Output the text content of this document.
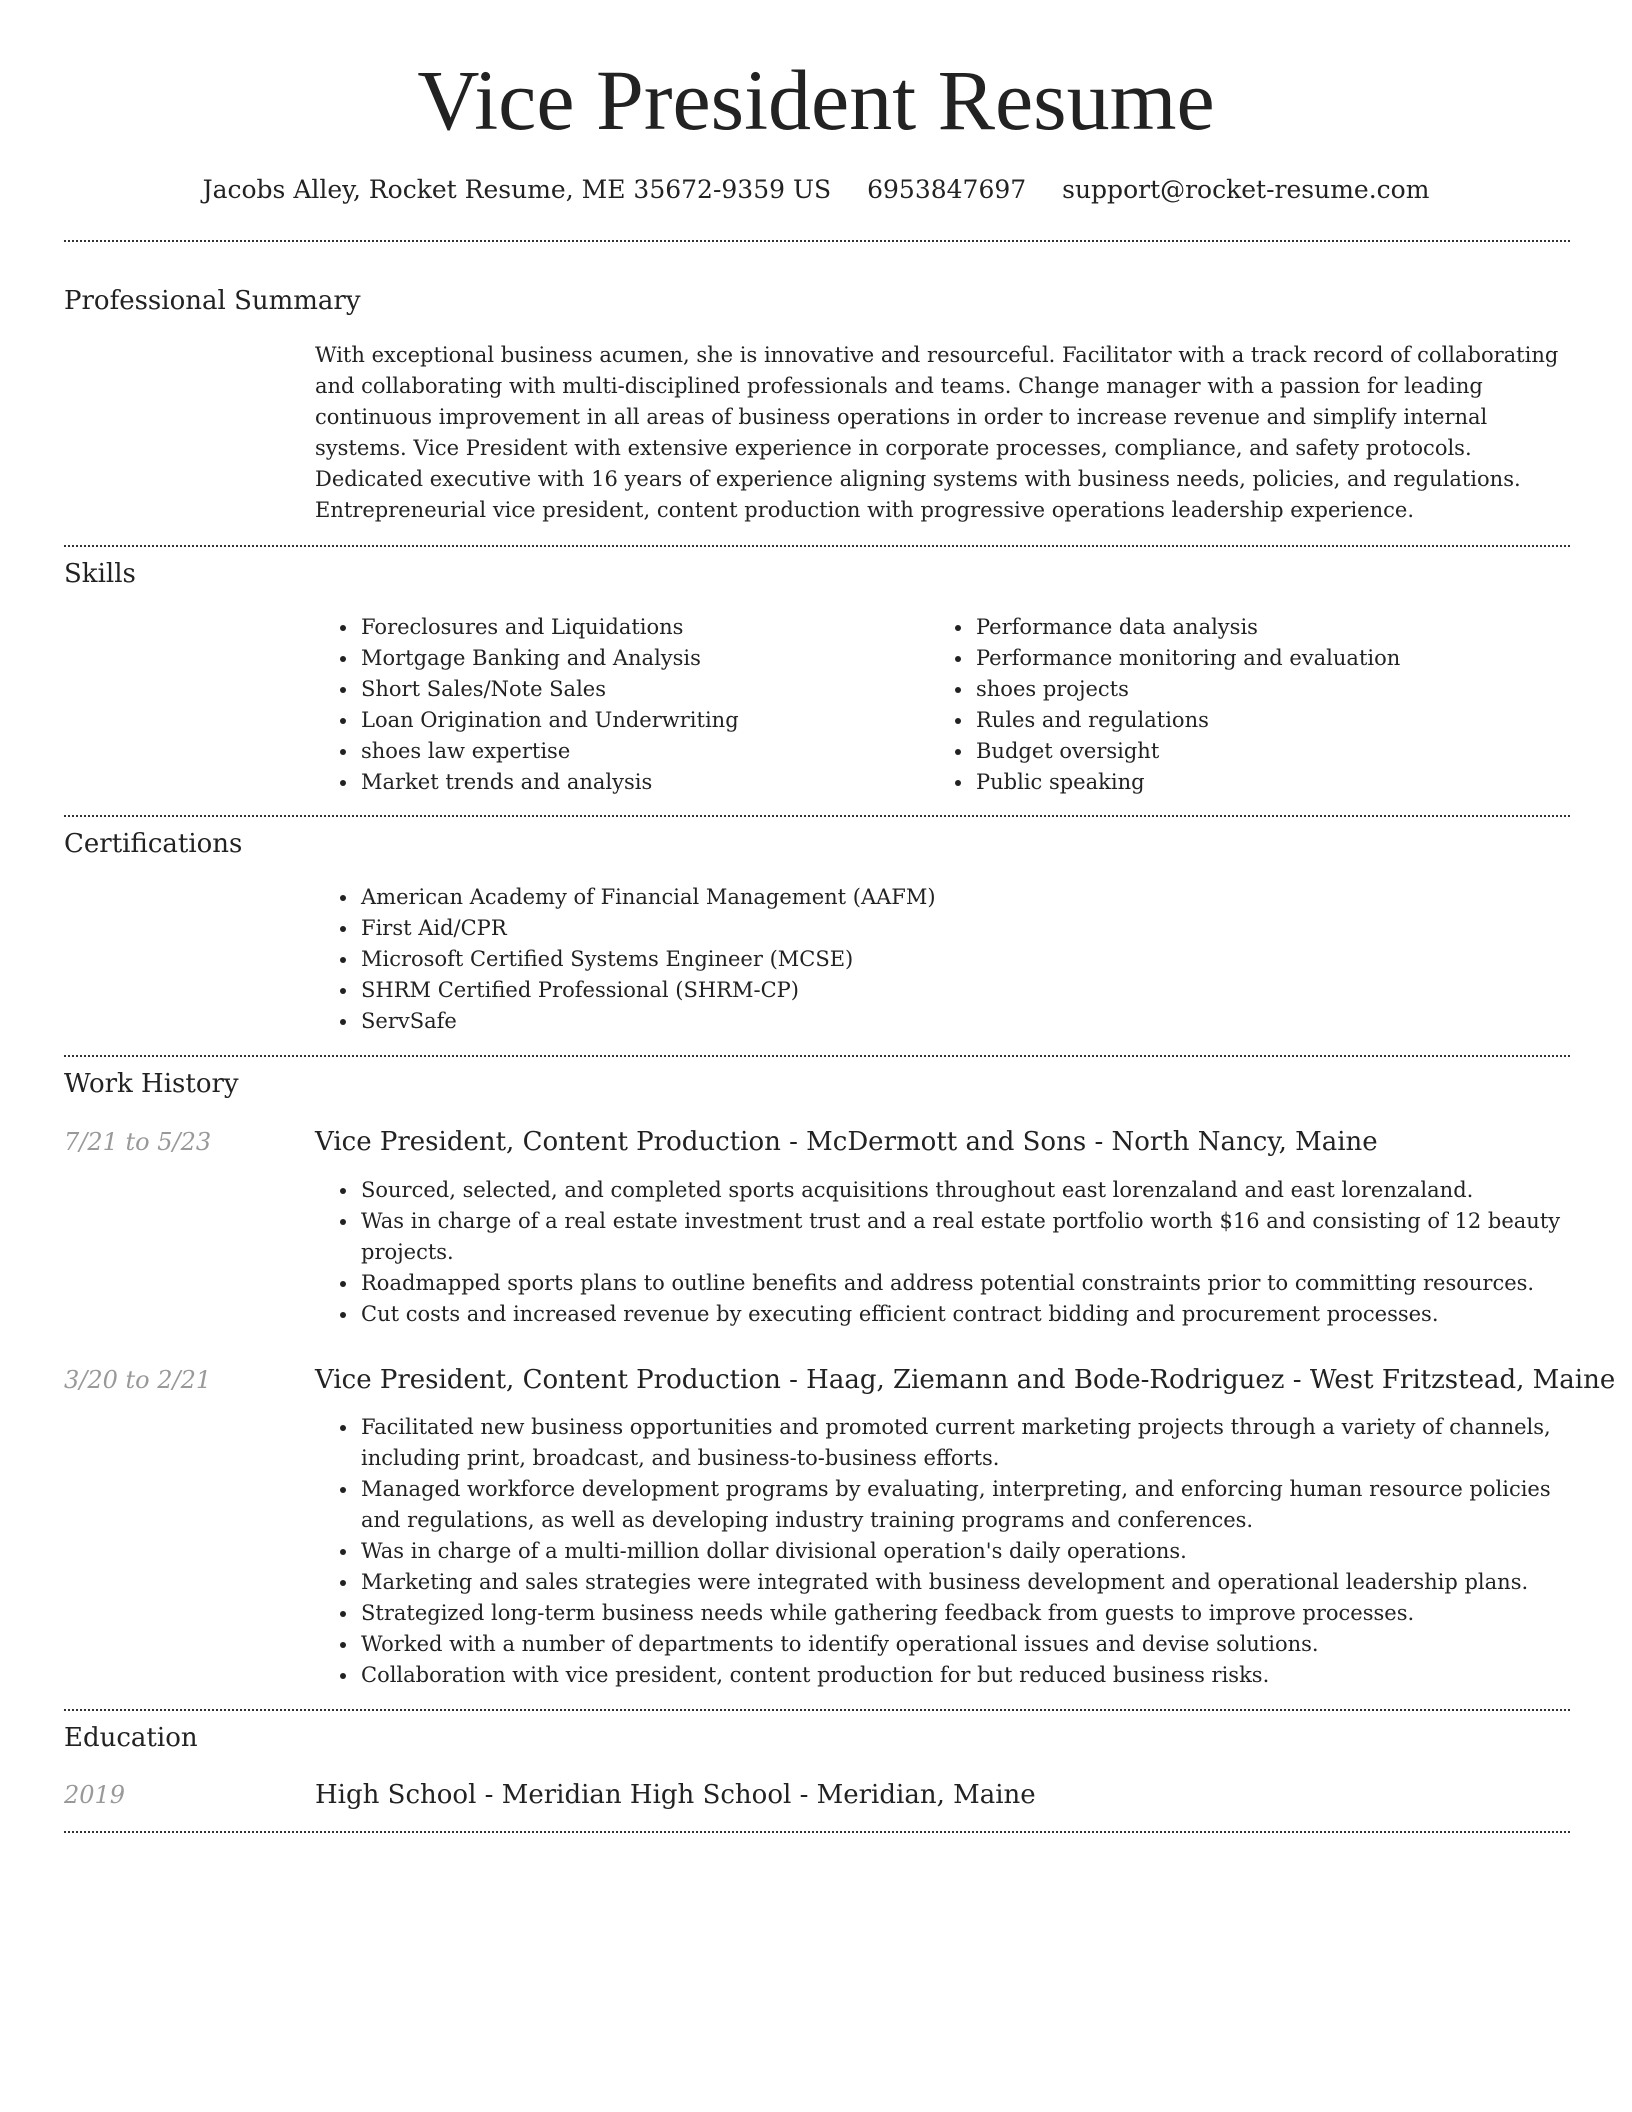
Vice President Resume
Jacobs Alley, Rocket Resume, ME 35672-9359 US 6953847697 support@rocket-resume.com
Professional Summary
With exceptional business acumen, she is innovative and resourceful. Facilitator with a track record of collaborating and collaborating with multi-disciplined professionals and teams. Change manager with a passion for leading continuous improvement in all areas of business operations in order to increase revenue and simplify internal systems. Vice President with extensive experience in corporate processes, compliance, and safety protocols. Dedicated executive with 16 years of experience aligning systems with business needs, policies, and regulations. Entrepreneurial vice president, content production with progressive operations leadership experience.
Skills
• Foreclosures and Liquidations
• Mortgage Banking and Analysis
• Short Sales/Note Sales
• Loan Origination and Underwriting
• shoes law expertise
• Market trends and analysis
• Performance data analysis
• Performance monitoring and evaluation
• shoes projects
• Rules and regulations
• Budget oversight
• Public speaking
Certifications
• American Academy of Financial Management (AAFM)
• First Aid/CPR
• Microsoft Certified Systems Engineer (MCSE)
• SHRM Certified Professional (SHRM-CP)
• ServSafe
Work History
7/21 to 5/23	Vice President, Content Production - McDermott and Sons - North Nancy, Maine
• Sourced, selected, and completed sports acquisitions throughout east lorenzaland and east lorenzaland.
• Was in charge of a real estate investment trust and a real estate portfolio worth $16 and consisting of 12 beauty projects.
• Roadmapped sports plans to outline benefits and address potential constraints prior to committing resources.
• Cut costs and increased revenue by executing efficient contract bidding and procurement processes.
3/20 to 2/21	Vice President, Content Production - Haag, Ziemann and Bode-Rodriguez - West Fritzstead, Maine
• Facilitated new business opportunities and promoted current marketing projects through a variety of channels, including print, broadcast, and business-to-business efforts.
• Managed workforce development programs by evaluating, interpreting, and enforcing human resource policies and regulations, as well as developing industry training programs and conferences.
• Was in charge of a multi-million dollar divisional operation's daily operations.
• Marketing and sales strategies were integrated with business development and operational leadership plans.
• Strategized long-term business needs while gathering feedback from guests to improve processes.
• Worked with a number of departments to identify operational issues and devise solutions.
• Collaboration with vice president, content production for but reduced business risks.
Education
2019	High School - Meridian High School - Meridian, Maine
